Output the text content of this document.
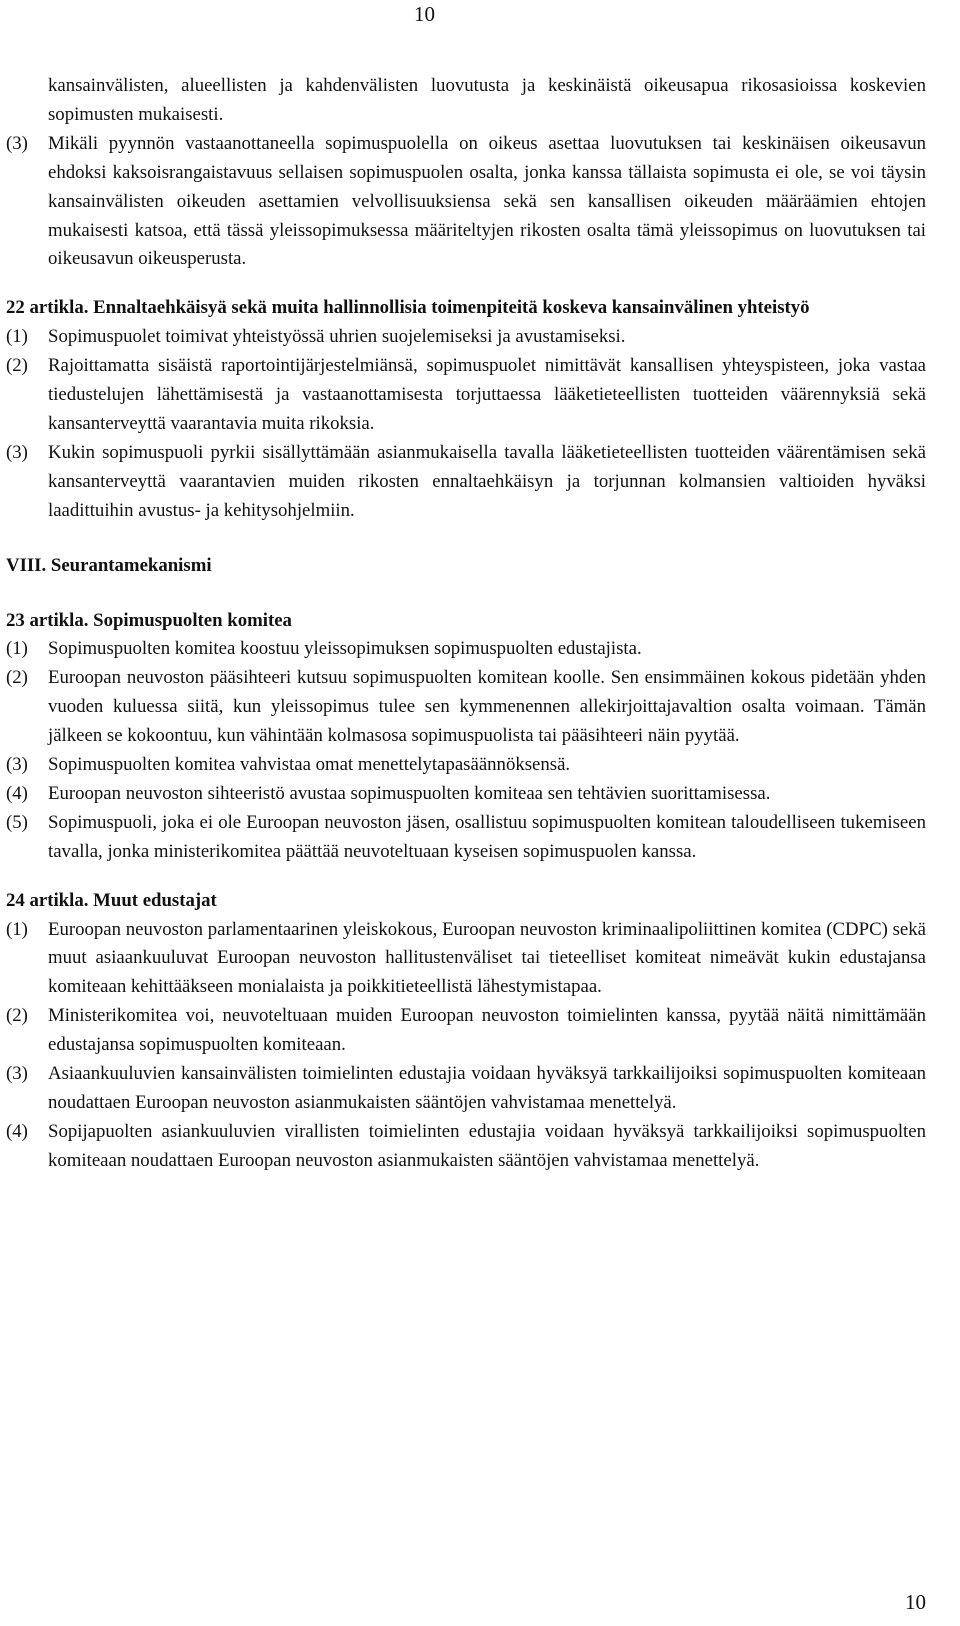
10
kansainvälisten, alueellisten ja kahdenvälisten luovutusta ja keskinäistä oikeusapua rikosasioissa koskevien sopimusten mukaisesti.
(3) Mikäli pyynnön vastaanottaneella sopimuspuolella on oikeus asettaa luovutuksen tai keskinäisen oikeusavun ehdoksi kaksoisrangaistavuus sellaisen sopimuspuolen osalta, jonka kanssa tällaista sopimusta ei ole, se voi täysin kansainvälisten oikeuden asettamien velvollisuuksiensa sekä sen kansallisen oikeuden määräämien ehtojen mukaisesti katsoa, että tässä yleissopimuksessa määriteltyjen rikosten osalta tämä yleissopimus on luovutuksen tai oikeusavun oikeusperusta.
22 artikla. Ennaltaehkäisyä sekä muita hallinnollisia toimenpiteitä koskeva kansainvälinen yhteistyö
(1) Sopimuspuolet toimivat yhteistyössä uhrien suojelemiseksi ja avustamiseksi.
(2) Rajoittamatta sisäistä raportointijärjestelmiänsä, sopimuspuolet nimittävät kansallisen yhteyspisteen, joka vastaa tiedustelujen lähettämisestä ja vastaanottamisesta torjuttaessa lääketieteellisten tuotteiden väärennyksiä sekä kansanterveyttä vaarantavia muita rikoksia.
(3) Kukin sopimuspuoli pyrkii sisällyttämään asianmukaisella tavalla lääketieteellisten tuotteiden väärentämisen sekä kansanterveyttä vaarantavien muiden rikosten ennaltaehkäisyn ja torjunnan kolmansien valtioiden hyväksi laadittuihin avustus- ja kehitysohjelmiin.
VIII. Seurantamekanismi
23 artikla. Sopimuspuolten komitea
(1) Sopimuspuolten komitea koostuu yleissopimuksen sopimuspuolten edustajista.
(2) Euroopan neuvoston pääsihteeri kutsuu sopimuspuolten komitean koolle. Sen ensimmäinen kokous pidetään yhden vuoden kuluessa siitä, kun yleissopimus tulee sen kymmenennen allekirjoittajavaltion osalta voimaan. Tämän jälkeen se kokoontuu, kun vähintään kolmasosa sopimuspuolista tai pääsihteeri näin pyytää.
(3) Sopimuspuolten komitea vahvistaa omat menettelytapasäännöksensä.
(4) Euroopan neuvoston sihteeristö avustaa sopimuspuolten komiteaa sen tehtävien suorittamisessa.
(5) Sopimuspuoli, joka ei ole Euroopan neuvoston jäsen, osallistuu sopimuspuolten komitean taloudelliseen tukemiseen tavalla, jonka ministerikomitea päättää neuvoteltuaan kyseisen sopimuspuolen kanssa.
24 artikla. Muut edustajat
(1) Euroopan neuvoston parlamentaarinen yleiskokous, Euroopan neuvoston kriminaalipoliittinen komitea (CDPC) sekä muut asiaankuuluvat Euroopan neuvoston hallitustenväliset tai tieteelliset komiteat nimeävät kukin edustajansa komiteaan kehittääkseen monialaista ja poikkitieteellistä lähestymistapaa.
(2) Ministerikomitea voi, neuvoteltuaan muiden Euroopan neuvoston toimielinten kanssa, pyytää näitä nimittämään edustajansa sopimuspuolten komiteaan.
(3) Asiaankuuluvien kansainvälisten toimielinten edustajia voidaan hyväksyä tarkkailijoiksi sopimuspuolten komiteaan noudattaen Euroopan neuvoston asianmukaisten sääntöjen vahvistamaa menettelyä.
(4) Sopijapuolten asiankuuluvien virallisten toimielinten edustajia voidaan hyväksyä tarkkailijoiksi sopimuspuolten komiteaan noudattaen Euroopan neuvoston asianmukaisten sääntöjen vahvistamaa menettelyä.
10
